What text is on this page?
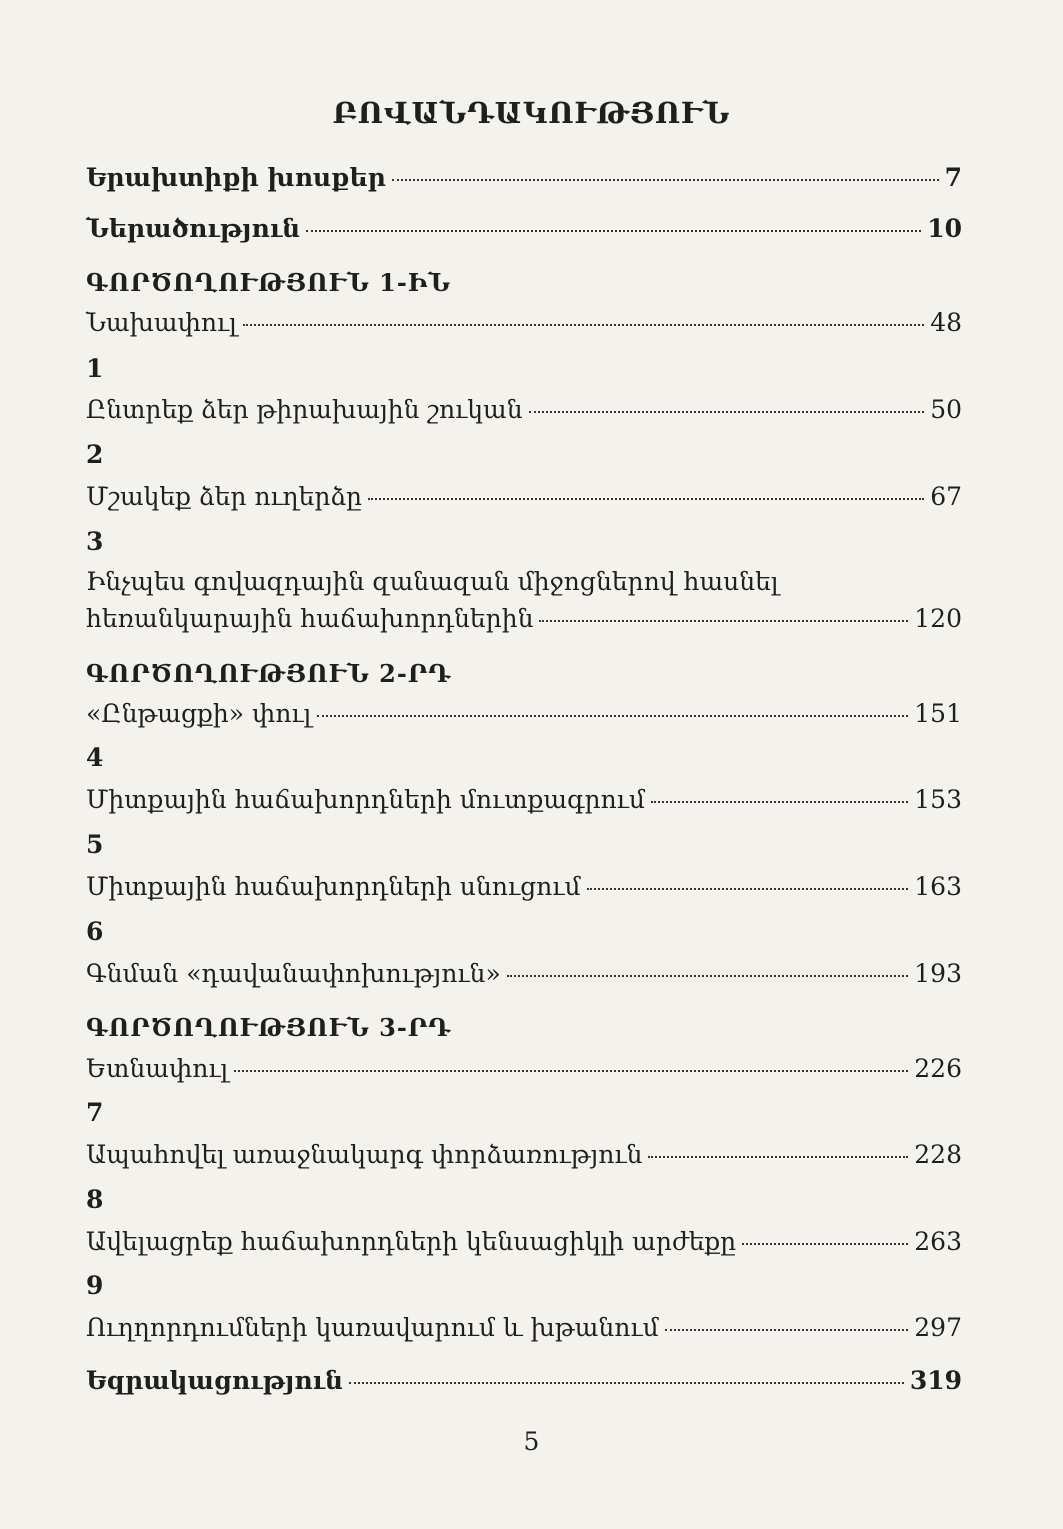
ԲՈՎԱՆԴԱԿՈՒԹՅՈՒՆ
Երախտիքի խոսքեր	7
Ներածություն	10
ԳՈՐԾՈՂՈՒԹՅՈՒՆ 1-ԻՆ
Նախափուլ	48
1
Ընտրեք ձեր թիրախային շուկան	50
2
Մշակեք ձեր ուղերձը	67
3
Ինչպես գովազդային զանազան միջոցներով հասնել
հեռանկարային հաճախորդներին	120
ԳՈՐԾՈՂՈՒԹՅՈՒՆ 2-ՐԴ
«Ընթացքի» փուլ	151
4
Միտքային հաճախորդների մուտքագրում	153
5
Միտքային հաճախորդների սնուցում	163
6
Գնման «դավանափոխություն»	193
ԳՈՐԾՈՂՈՒԹՅՈՒՆ 3-ՐԴ
Ետնափուլ	226
7
Ապահովել առաջնակարգ փորձառություն	228
8
Ավելացրեք հաճախորդների կենսացիկլի արժեքը	263
9
Ուղղորդումների կառավարում և խթանում	297
Եզրակացություն	319
5
